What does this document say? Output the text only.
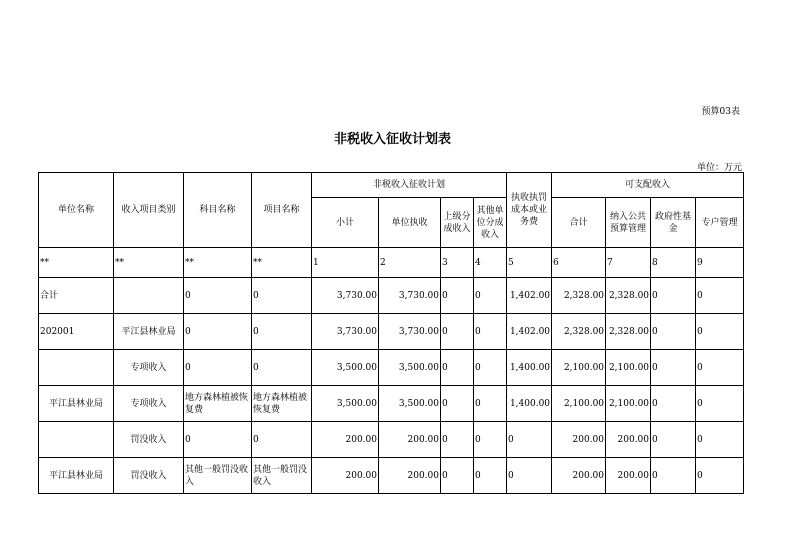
预算03表
非税收入征收计划表
单位：万元
单位名称	收入项目类别	科目名称	项目名称	非税收入征收计划				执收执罚成本或业务费	可支配收入			
				小计	单位执收	上级分成收入	其他单位分成收入		合计	纳入公共预算管理	政府性基金	专户管理
**	**	**	**	1	2	3	4	5	6	7	8	9
合计		0	0	3,730.00	3,730.00	0	0	1,402.00	2,328.00	2,328.00	0	0
202001	平江县林业局	0	0	3,730.00	3,730.00	0	0	1,402.00	2,328.00	2,328.00	0	0
	专项收入	0	0	3,500.00	3,500.00	0	0	1,400.00	2,100.00	2,100.00	0	0
平江县林业局	专项收入	地方森林植被恢复费	地方森林植被恢复费	3,500.00	3,500.00	0	0	1,400.00	2,100.00	2,100.00	0	0
	罚没收入	0	0	200.00	200.00	0	0	0	200.00	200.00	0	0
平江县林业局	罚没收入	其他一般罚没收入	其他一般罚没收入	200.00	200.00	0	0	0	200.00	200.00	0	0
